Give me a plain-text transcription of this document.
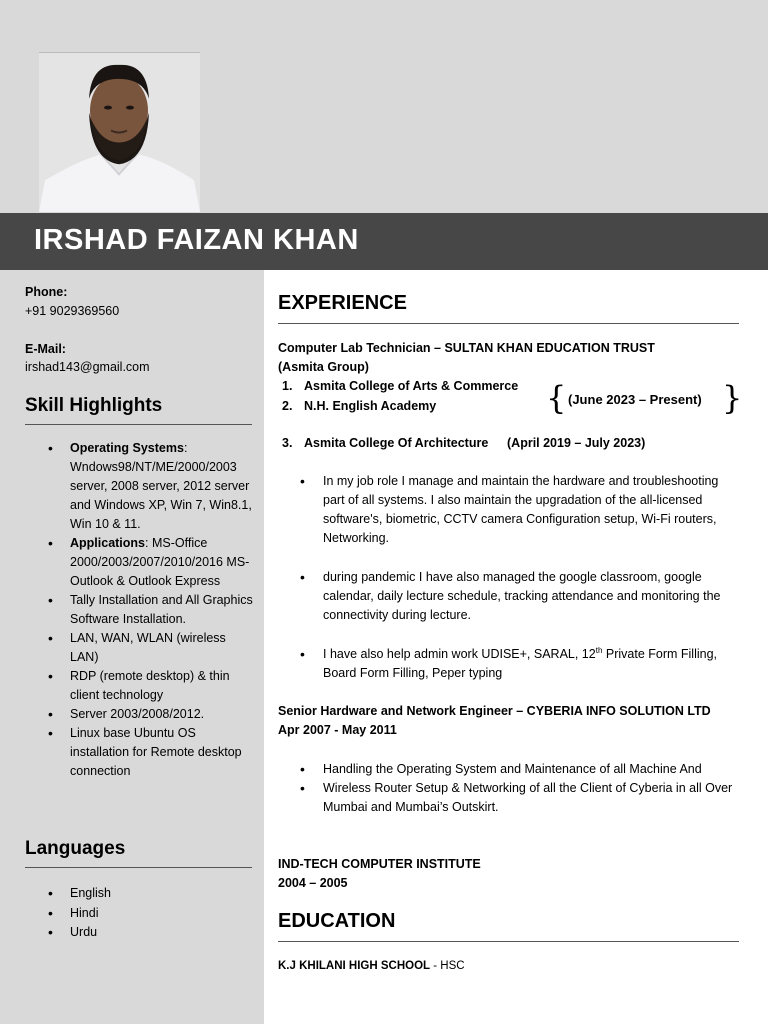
IRSHAD FAIZAN KHAN
Phone:
+91 9029369560
E-Mail:
irshad143@gmail.com
Skill Highlights
• Operating Systems: Wndows98/NT/ME/2000/2003 server, 2008 server, 2012 server and Windows XP, Win 7, Win8.1, Win 10 & 11.
• Applications: MS-Office 2000/2003/2007/2010/2016 MS-Outlook & Outlook Express
• Tally Installation and All Graphics Software Installation.
• LAN, WAN, WLAN (wireless LAN)
• RDP (remote desktop) & thin client technology
• Server 2003/2008/2012.
• Linux base Ubuntu OS installation for Remote desktop connection
Languages
• English
• Hindi
• Urdu
EXPERIENCE
Computer Lab Technician – SULTAN KHAN EDUCATION TRUST
(Asmita Group)
1. Asmita College of Arts & Commerce
2. N.H. English Academy	{ (June 2023 – Present) }
3. Asmita College Of Architecture (April 2019 – July 2023)
• In my job role I manage and maintain the hardware and troubleshooting part of all systems. I also maintain the upgradation of the all-licensed software's, biometric, CCTV camera Configuration setup, Wi-Fi routers, Networking.
• during pandemic I have also managed the google classroom, google calendar, daily lecture schedule, tracking attendance and monitoring the connectivity during lecture.
• I have also help admin work UDISE+, SARAL, 12th Private Form Filling, Board Form Filling, Peper typing
Senior Hardware and Network Engineer – CYBERIA INFO SOLUTION LTD
Apr 2007 - May 2011
• Handling the Operating System and Maintenance of all Machine And
• Wireless Router Setup & Networking of all the Client of Cyberia in all Over Mumbai and Mumbai’s Outskirt.
IND-TECH COMPUTER INSTITUTE
2004 – 2005
EDUCATION
K.J KHILANI HIGH SCHOOL - HSC
